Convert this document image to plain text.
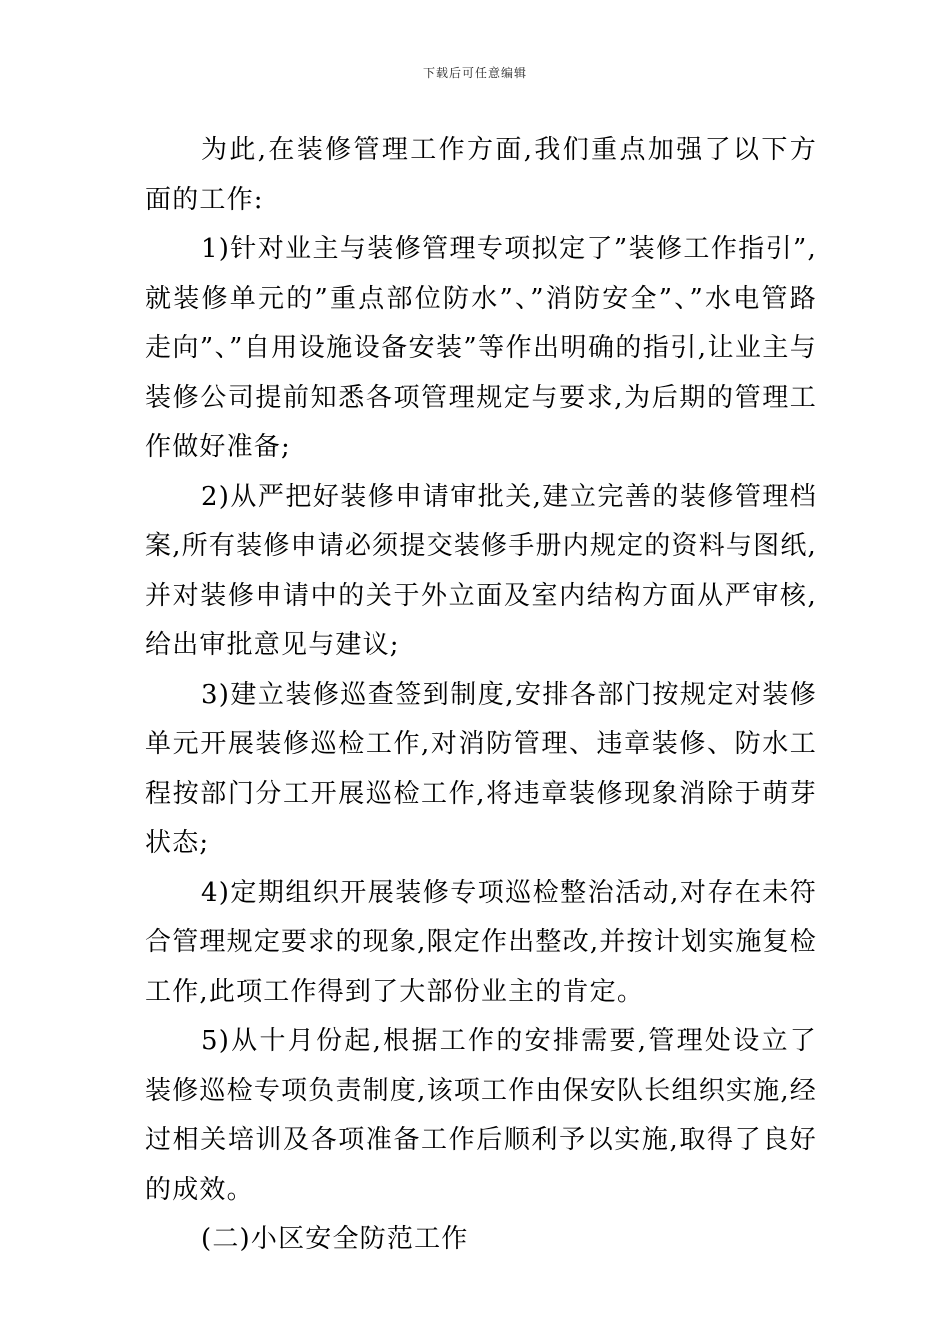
下载后可任意编辑

为此,在装修管理工作方面,我们重点加强了以下方面的工作:

1)针对业主与装修管理专项拟定了”装修工作指引”,就装修单元的”重点部位防水”、”消防安全”、”水电管路走向”、”自用设施设备安装”等作出明确的指引,让业主与装修公司提前知悉各项管理规定与要求,为后期的管理工作做好准备;

2)从严把好装修申请审批关,建立完善的装修管理档案,所有装修申请必须提交装修手册内规定的资料与图纸,并对装修申请中的关于外立面及室内结构方面从严审核,给出审批意见与建议;

3)建立装修巡查签到制度,安排各部门按规定对装修单元开展装修巡检工作,对消防管理、违章装修、防水工程按部门分工开展巡检工作,将违章装修现象消除于萌芽状态;

4)定期组织开展装修专项巡检整治活动,对存在未符合管理规定要求的现象,限定作出整改,并按计划实施复检工作,此项工作得到了大部份业主的肯定。

5)从十月份起,根据工作的安排需要,管理处设立了装修巡检专项负责制度,该项工作由保安队长组织实施,经过相关培训及各项准备工作后顺利予以实施,取得了良好的成效。

(二)小区安全防范工作
